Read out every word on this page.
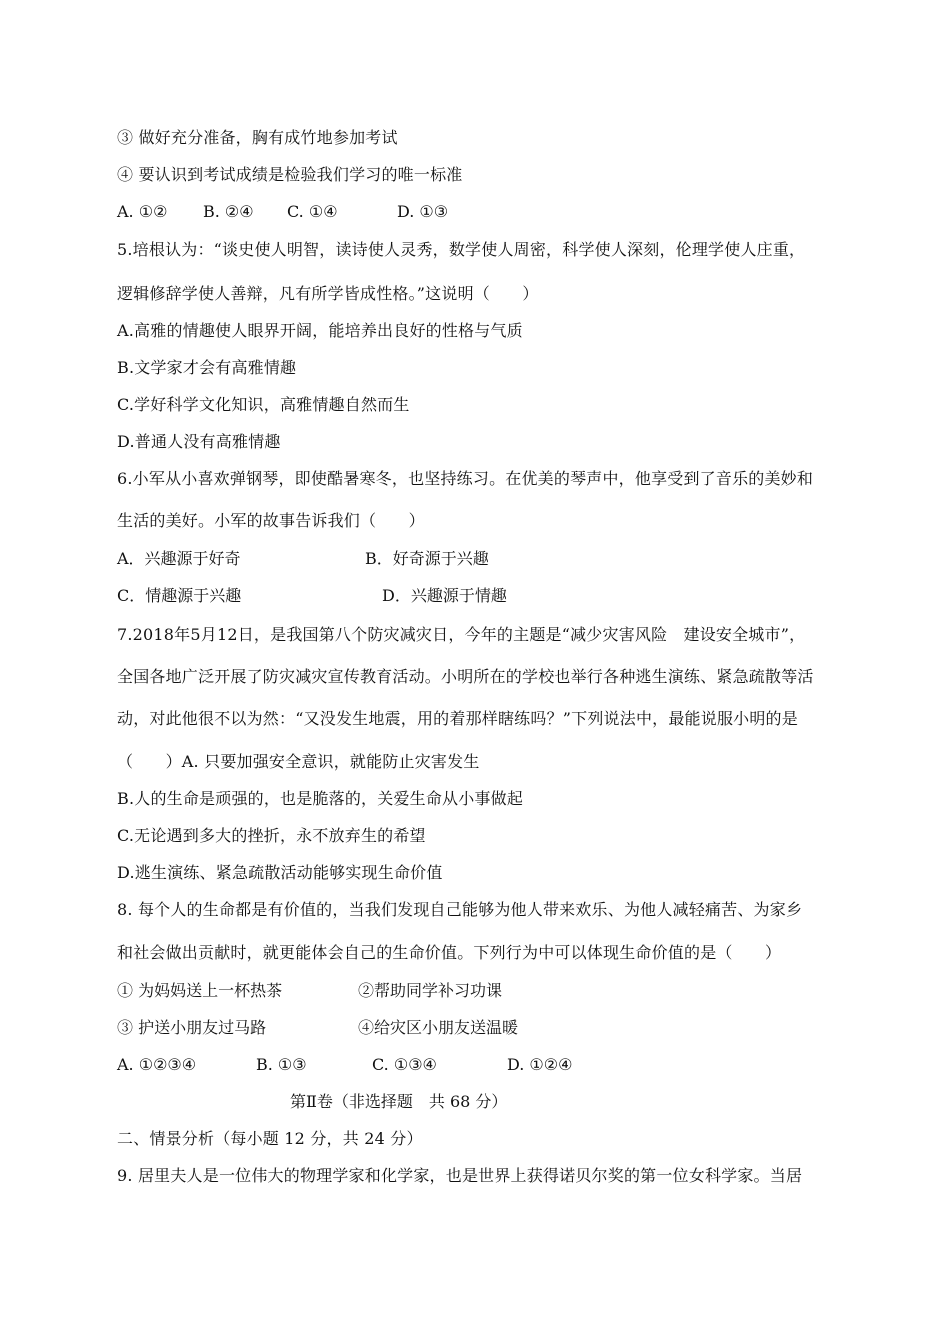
③ 做好充分准备，胸有成竹地参加考试
④ 要认识到考试成绩是检验我们学习的唯一标准
A. ①② B. ②④ C. ①④	D. ①③
5.培根认为：“谈史使人明智，读诗使人灵秀，数学使人周密，科学使人深刻，伦理学使人庄重，
逻辑修辞学使人善辩，凡有所学皆成性格。”这说明（　　）
A.高雅的情趣使人眼界开阔，能培养出良好的性格与气质
B.文学家才会有高雅情趣
C.学好科学文化知识，高雅情趣自然而生
D.普通人没有高雅情趣
6.小军从小喜欢弹钢琴，即使酷暑寒冬，也坚持练习。在优美的琴声中，他享受到了音乐的美妙和
生活的美好。小军的故事告诉我们（　　）
A．兴趣源于好奇	B．好奇源于兴趣
C．情趣源于兴趣	D．兴趣源于情趣
7.2018年5月12日，是我国第八个防灾减灾日，今年的主题是“减少灾害风险　建设安全城市”，
全国各地广泛开展了防灾减灾宣传教育活动。小明所在的学校也举行各种逃生演练、紧急疏散等活
动，对此他很不以为然：“又没发生地震，用的着那样瞎练吗？”下列说法中，最能说服小明的是
（　　）A. 只要加强安全意识，就能防止灾害发生
B.人的生命是顽强的，也是脆落的，关爱生命从小事做起
C.无论遇到多大的挫折，永不放弃生的希望
D.逃生演练、紧急疏散活动能够实现生命价值
8. 每个人的生命都是有价值的，当我们发现自己能够为他人带来欢乐、为他人减轻痛苦、为家乡
和社会做出贡献时，就更能体会自己的生命价值。下列行为中可以体现生命价值的是（　　）
① 为妈妈送上一杯热茶	②帮助同学补习功课
③ 护送小朋友过马路	④给灾区小朋友送温暖
A. ①②③④	B. ①③	C. ①③④	D. ①②④
第Ⅱ卷（非选择题　共 68 分）
二、情景分析（每小题 12 分，共 24 分）
9. 居里夫人是一位伟大的物理学家和化学家，也是世界上获得诺贝尔奖的第一位女科学家。当居
